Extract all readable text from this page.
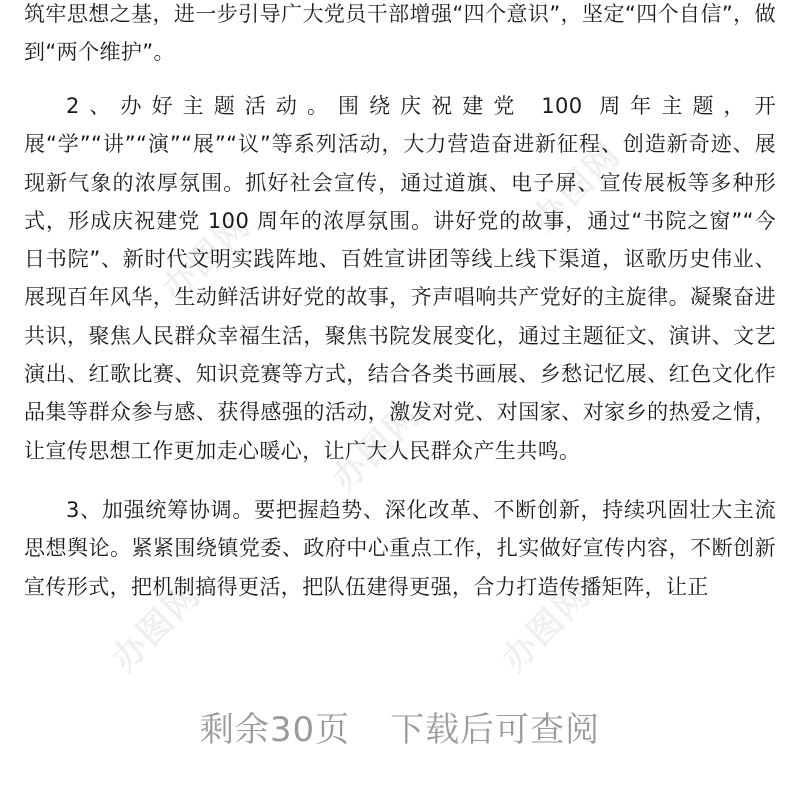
筑牢思想之基，进一步引导广大党员干部增强“四个意识”，坚定“四个自信”，做到“两个维护”。

2、办好主题活动。围绕庆祝建党 100 周年主题，开展“学”“讲”“演”“展”“议”等系列活动，大力营造奋进新征程、创造新奇迹、展现新气象的浓厚氛围。抓好社会宣传，通过道旗、电子屏、宣传展板等多种形式，形成庆祝建党 100 周年的浓厚氛围。讲好党的故事，通过“书院之窗”“今日书院”、新时代文明实践阵地、百姓宣讲团等线上线下渠道，讴歌历史伟业、展现百年风华，生动鲜活讲好党的故事，齐声唱响共产党好的主旋律。凝聚奋进共识，聚焦人民群众幸福生活，聚焦书院发展变化，通过主题征文、演讲、文艺演出、红歌比赛、知识竞赛等方式，结合各类书画展、乡愁记忆展、红色文化作品集等群众参与感、获得感强的活动，激发对党、对国家、对家乡的热爱之情，让宣传思想工作更加走心暖心，让广大人民群众产生共鸣。

3、加强统筹协调。要把握趋势、深化改革、不断创新，持续巩固壮大主流思想舆论。紧紧围绕镇党委、政府中心重点工作，扎实做好宣传内容，不断创新宣传形式，把机制搞得更活，把队伍建得更强，合力打造传播矩阵，让正

办图网
办图网
办图网
办图网	办图网
剩余30页 下载后可查阅
